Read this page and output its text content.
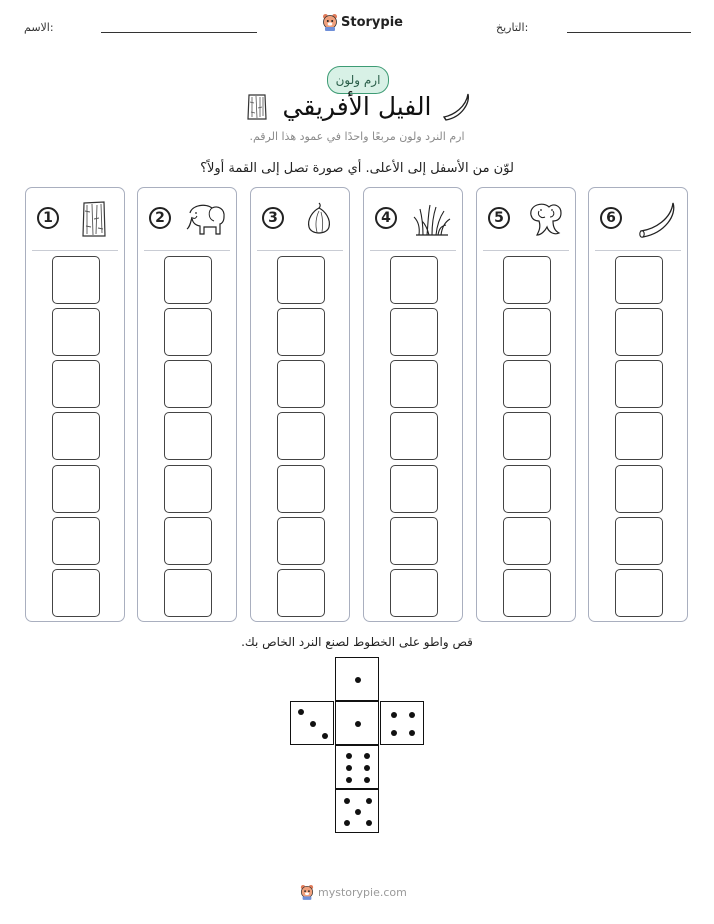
الاسم:	Storypie	التاريخ:
ارم ولون
الفيل الأفريقي
ارم النرد ولون مربعًا واحدًا في عمود هذا الرقم.
لوّن من الأسفل إلى الأعلى. أي صورة تصل إلى القمة أولاً؟
1	2	3	4	5	6
قص واطو على الخطوط لصنع النرد الخاص بك.
mystorypie.com
